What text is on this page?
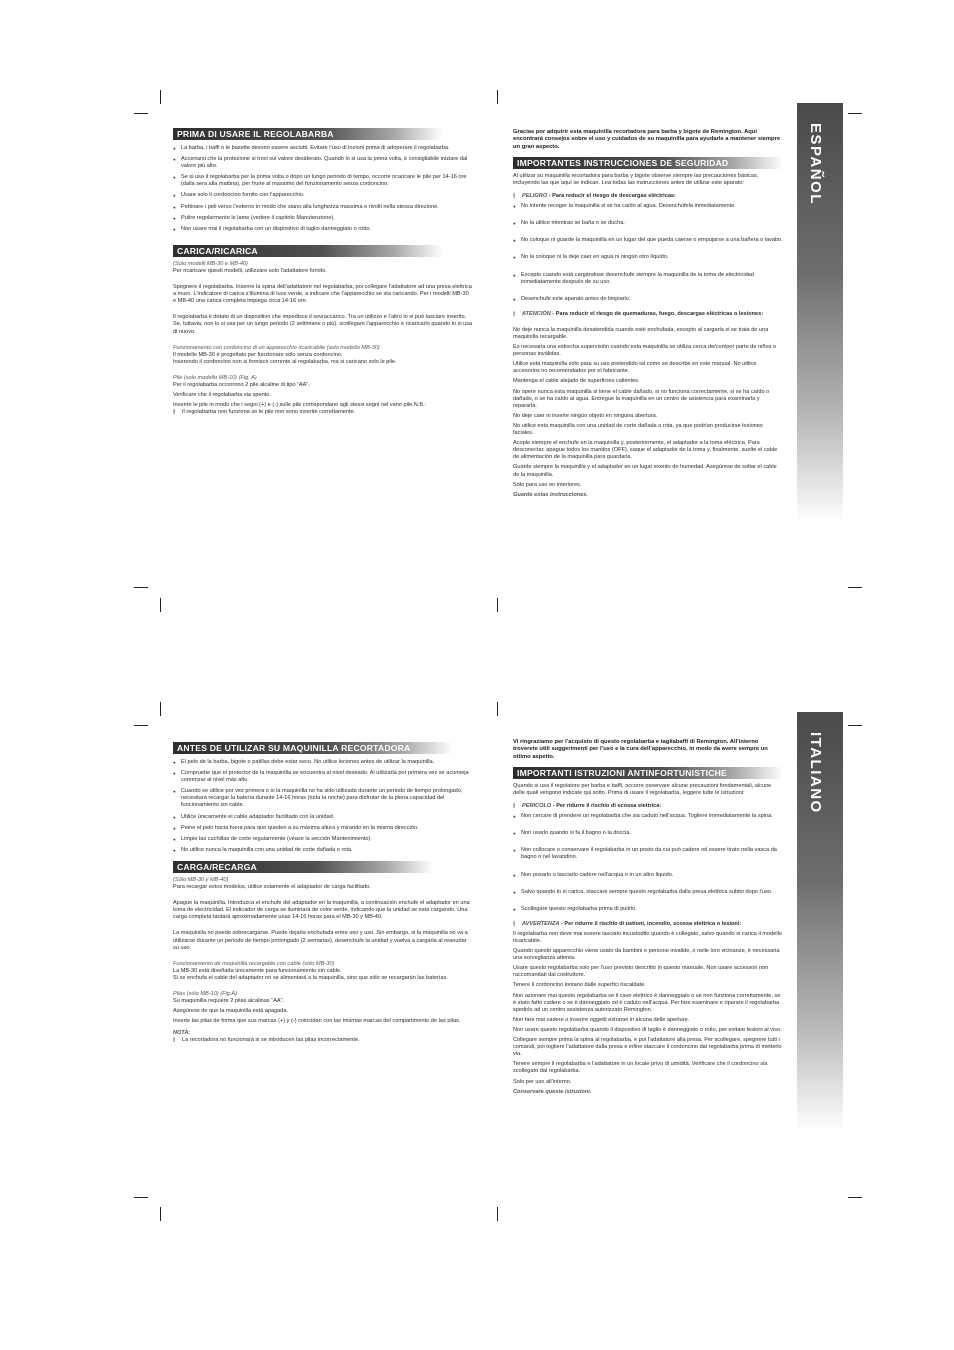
ESPAÑOL
ITALIANO
PRIMA DI USARE IL REGOLABARBA
● La barba, i baffi o le basette devono essere asciutti. Evitare l’uso di lozioni prima di adoperare il regolabarba.
● Accertarsi che la protezione si trovi sul valore desiderato. Quando lo si usa la prima volta, è consigliabile iniziare dal valore più alto.
● Se si usa il regolabarba per la prima volta o dopo un lungo periodo di tempo, occorre ricaricare le pile per 14-16 ore (dalla sera alla mattina), per fruire al massimo del funzionamento senza cordoncino.
● Usare solo il cordoncino fornito con l’apparecchio.
● Pettinare i peli verso l’esterno in modo che siano alla lunghezza massima e rivolti nella stessa direzione.
● Pulire regolarmente le lame (vedere il capitolo Manutenzione).
● Non usare mai il regolabarba con un dispositivo di taglio danneggiato o rotto.
CARICA/RICARICA

(Solo modelli MB-30 e MB-40)

Per ricaricare questi modelli, utilizzare solo l’adattatore fornito.

Spegnere il regolabarba. Inserire la spina dell’adattatore nel regolabarba, poi collegare l’adattatore ad una presa elettrica a muro. L’indicatore di carica s’illumina di luce verde, a indicare che l’apparecchio se sta caricando. Per i modelli MB-30 e MB-40 una carica completa impiega circa 14-16 ore.

Il regolabarba è dotato di un dispositivo che impedisce il sovraccarico. Tra un utilizzo e l’altro lo si può lasciare inserito. Se, tuttavia, non lo si usa per un lungo periodo (2 settimane o più), scollegare l’apparecchio e ricaricarlo quando lo si usa di nuovo.

Funzionamento con cordoncino di un apparecchio ricaricabile (solo modello MB-30)

Il modello MB-30 è progettato per funzionare solo senza cordoncino.

Inserendo il cordoncino non si fornisce corrente al regolabarba, ma si caricano solo le pile.

Pile (solo modello MB-10) (Fig. A)

Per il regolabarba occorrono 2 pile alcaline di tipo “AA”.

Verificare che il regolabarba sia spento.

Inserire le pile in modo che i segni (+) e (-) sulle pile corrispondano agli stessi segni nel vano pile.N.B.:

! Il regolabarba non funziona se le pile non sono inserite correttamente.

Gracias por adquirir esta maquinilla recortadora para barba y bigote de Remington. Aquí encontrará consejos sobre el uso y cuidados de su maquinilla para ayudarle a mantener siempre un gran aspecto.

IMPORTANTES INSTRUCCIONES DE SEGURIDAD

Al utilizar su maquinilla recortadora para barba y bigote observe siempre las precauciones básicas, incluyendo las que aquí se indican. Lea todas las instrucciones antes de utilizar este aparato:

! PELIGRO - Para reducir el riesgo de descargas eléctricas:
● No intente recoger la maquinilla si se ha caído al agua. Desenchúfela inmediatamente.
● No la utilice mientras se baña o se ducha.
● No coloque ni guarde la maquinilla en un lugar del que pueda caerse o empujarse a una bañera o lavabo.
● No la coloque ni la deje caer en agua ni ningún otro líquido.
● Excepto cuando está cargándose desenchufe siempre la maquinilla de la toma de electricidad inmediatamente después de su uso.
● Desenchufe este aparato antes de limpiarlo.
! ATENCIÓN - Para reducir el riesgo de quemaduras, fuego, descargas eléctricas o lesiones:

No deje nunca la maquinilla desatendida cuando esté enchufada, excepto al cargarla si se trata de una maquinilla recargable.

Es necesaria una estrecha supervisión cuando esta maquinilla se utiliza cerca de/con/por parte de niños o personas inválidas.

Utilice esta maquinilla sólo para su uso pretendido tal como se describe en este manual. No utilice accesorios no recomendados por el fabricante.

Mantenga el cable alejado de superficies calientes.

No opere nunca esta maquinilla si tiene el cable dañado, si no funciona correctamente, si se ha caído o dañado, o se ha caído al agua. Entregue la maquinilla en un centro de asistencia para examinarla y repararla.

No deje caer ni inserte ningún objeto en ninguna abertura.

No utilice esta maquinilla con una unidad de corte dañada o rota, ya que podrían producirse lesiones faciales.

Acople siempre el enchufe en la maquinilla y, posteriormente, el adaptador a la toma eléctrica. Para desconectar, apague todos los mandos (OFF), saque el adaptador de la toma y, finalmente, suelte el cable de alimentación de la maquinilla para guardarla.

Guarde siempre la maquinilla y el adaptador en un lugar exento de humedad. Asegúrese de soltar el cable de la maquinilla.

Sólo para uso en interiores.

Guarde estas instrucciones.

ANTES DE UTILIZAR SU MAQUINILLA RECORTADORA
● El pelo de la barba, bigote o patillas debe estar seco. No utilice lociones antes de utilizar la maquinilla.
● Compruebe que el protector de la maquinilla se encuentra al nivel deseado. Al utilizarla por primera vez se aconseja comenzar al nivel más alto.
● Cuando se utilice por vez primera o si la maquinilla no ha sido utilizada durante un periodo de tiempo prolongado, necesitará recargar la batería durante 14-16 horas (toda la noche) para disfrutar de la plena capacidad del funcionamiento sin cable.
● Utilice únicamente el cable adaptador facilitado con la unidad.
● Peine el pelo hacia fuera para que queden a su máxima altura y mirando en la misma dirección.
● Limpie las cuchillas de corte regularmente (véase la sección Mantenimiento).
● No utilice nunca la maquinilla con una unidad de corte dañada o rota.
CARGA/RECARGA

(Sólo MB-30 y MB-40)

Para recargar estos modelos, utilice solamente el adaptador de carga facilitado.

Apague la maquinilla. Introduzca el enchufe del adaptador en la maquinilla, a continuación enchufe el adaptador en una toma de electricidad. El indicador de carga se iluminará de color verde, indicando que la unidad se está cargando. Una carga completa tardará aproximadamente unas 14-16 horas para el MB-30 y MB-40.

La maquinilla no puede sobrecargarse. Puede dejarla enchufada entre uso y uso. Sin embargo, si la maquinilla no va a utilizarse durante un periodo de tiempo prolongado (2 semanas), desenchufe la unidad y vuelva a cargarla al reanudar su uso.

Funcionamiento de maquinilla recargable con cable (sólo MB-30)

La MB-30 está diseñada únicamente para funcionamiento sin cable.

Si se enchufa el cable del adaptador no se alimentará a la maquinilla, sino que sólo se recargarán las baterías.

Pilas (sólo MB-10) (Fig.A)

Su maquinilla requiere 2 pilas alcalinas “AA”.

Asegúrese de que la maquinilla está apagada.

Inserte las pilas de forma que sus marcas (+) y (-) coincidan con las mismas marcas del compartimento de las pilas.

NOTA:

! La recortadora no funcionará si se introducen las pilas incorrectamente.

Vi ringraziamo per l’acquisto di questo regolabarba e tagliabaffi di Remington. All’interno troverete utili suggerimenti per l’uso e la cura dell’apparecchio, in modo da avere sempre un ottimo aspetto.

IMPORTANTI ISTRUZIONI ANTINFORTUNISTICHE

Quando si usa il regolatore per barba e baffi, occorre osservare alcune precauzioni fondamentali, alcune delle quali vengono indicate qui sotto. Prima di usare il regolabarba, leggere tutte le istruzioni:

! PERICOLO - Per ridurre il rischio di scossa elettrica:
● Non cercare di prendere un regolabarba che sia caduto nell’acqua. Togliere immediatamente la spina.
● Non usarlo quando si fa il bagno o la doccia.
● Non collocare o conservare il regolabarba in un posto da cui può cadere od essere tirato nella vasca da bagno o nel lavandino.
● Non posarlo o lasciarlo cadere nell’acqua o in un altro liquido.
● Salvo quando lo si carica, staccare sempre questo regolabarba dalla presa elettrica subito dopo l’uso.
● Scollegare questo regolabarba prima di pulirlo.
! AVVERTENZA - Per ridurre il rischio di ustioni, incendio, scossa elettrica o lesioni:

Il regolabarba non deve mai essere lasciato incustodito quando è collegato, salvo quando si carica il modello ricaricabile.

Quando questo apparecchio viene usato da bambini o persone invalide, o nelle loro vicinanze, è necessaria una sorveglianza attenta.

Usare questo regolabarba solo per l’uso previsto descritto in questo manuale. Non usare accessori non raccomandati dal costruttore.

Tenere il cordoncino lontano dalle superfici riscaldate.

Non azionare mai questo regolabarba se il cavo elettrico è danneggiato o se non funziona correttamente, se è stato fatto cadere o se è danneggiato od è caduto nell’acqua. Per fare esaminare e riparare il regolabarba spedirlo ad un centro assistenza autorizzato Remington.

Non fare mai cadere o inserire oggetti estranei in alcuna delle aperture.

Non usare questo regolabarba quando il dispositivo di taglio è danneggiato o rotto, per evitare lesioni al viso.

Collegare sempre prima la spina al regolabarba, e poi l’adattatore alla presa. Per scollegare, spegnere tutti i comandi, poi togliere l’adattatore dalla presa e infine staccare il cordoncino dal regolabarba prima di metterlo via.

Tenere sempre il regolabarba e l’adattatore in un locale privo di umidità. Verificare che il cordoncino sia scollegato dal regolabarba.

Solo per uso all’interno.

Conservare queste istruzioni.
